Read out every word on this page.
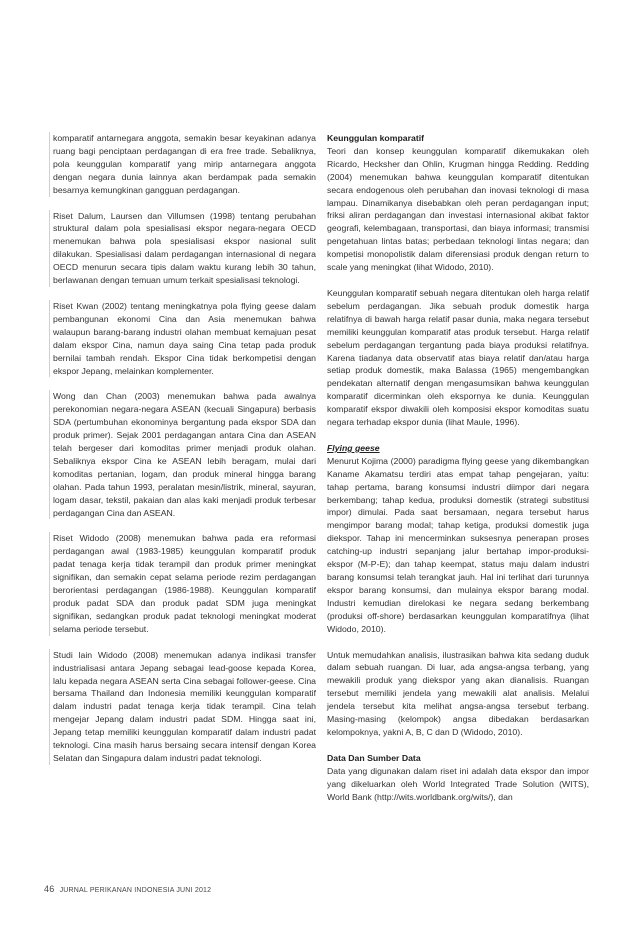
komparatif antarnegara anggota, semakin besar keyakinan adanya ruang bagi penciptaan perdagangan di era free trade. Sebaliknya, pola keunggulan komparatif yang mirip antarnegara anggota dengan negara dunia lainnya akan berdampak pada semakin besarnya kemungkinan gangguan perdagangan.

Riset Dalum, Laursen dan Villumsen (1998) tentang perubahan struktural dalam pola spesialisasi ekspor negara-negara OECD menemukan bahwa pola spesialisasi ekspor nasional sulit dilakukan. Spesialisasi dalam perdagangan internasional di negara OECD menurun secara tipis dalam waktu kurang lebih 30 tahun, berlawanan dengan temuan umum terkait spesialisasi teknologi.

Riset Kwan (2002) tentang meningkatnya pola flying geese dalam pembangunan ekonomi Cina dan Asia menemukan bahwa walaupun barang-barang industri olahan membuat kemajuan pesat dalam ekspor Cina, namun daya saing Cina tetap pada produk bernilai tambah rendah. Ekspor Cina tidak berkompetisi dengan ekspor Jepang, melainkan komplementer.

Wong dan Chan (2003) menemukan bahwa pada awalnya perekonomian negara-negara ASEAN (kecuali Singapura) berbasis SDA (pertumbuhan ekonominya bergantung pada ekspor SDA dan produk primer). Sejak 2001 perdagangan antara Cina dan ASEAN telah bergeser dari komoditas primer menjadi produk olahan. Sebaliknya ekspor Cina ke ASEAN lebih beragam, mulai dari komoditas pertanian, logam, dan produk mineral hingga barang olahan. Pada tahun 1993, peralatan mesin/listrik, mineral, sayuran, logam dasar, tekstil, pakaian dan alas kaki menjadi produk terbesar perdagangan Cina dan ASEAN.

Riset Widodo (2008) menemukan bahwa pada era reformasi perdagangan awal (1983-1985) keunggulan komparatif produk padat tenaga kerja tidak terampil dan produk primer meningkat signifikan, dan semakin cepat selama periode rezim perdagangan berorientasi perdagangan (1986-1988). Keunggulan komparatif produk padat SDA dan produk padat SDM juga meningkat signifikan, sedangkan produk padat teknologi meningkat moderat selama periode tersebut.

Studi lain Widodo (2008) menemukan adanya indikasi transfer industrialisasi antara Jepang sebagai lead-goose kepada Korea, lalu kepada negara ASEAN serta Cina sebagai follower-geese. Cina bersama Thailand dan Indonesia memiliki keunggulan komparatif dalam industri padat tenaga kerja tidak terampil. Cina telah mengejar Jepang dalam industri padat SDM. Hingga saat ini, Jepang tetap memiliki keunggulan komparatif dalam industri padat teknologi. Cina masih harus bersaing secara intensif dengan Korea Selatan dan Singapura dalam industri padat teknologi.

Keunggulan komparatif

Teori dan konsep keunggulan komparatif dikemukakan oleh Ricardo, Hecksher dan Ohlin, Krugman hingga Redding. Redding (2004) menemukan bahwa keunggulan komparatif ditentukan secara endogenous oleh perubahan dan inovasi teknologi di masa lampau. Dinamikanya disebabkan oleh peran perdagangan input; friksi aliran perdagangan dan investasi internasional akibat faktor geografi, kelembagaan, transportasi, dan biaya informasi; transmisi pengetahuan lintas batas; perbedaan teknologi lintas negara; dan kompetisi monopolistik dalam diferensiasi produk dengan return to scale yang meningkat (lihat Widodo, 2010).

Keunggulan komparatif sebuah negara ditentukan oleh harga relatif sebelum perdagangan. Jika sebuah produk domestik harga relatifnya di bawah harga relatif pasar dunia, maka negara tersebut memiliki keunggulan komparatif atas produk tersebut. Harga relatif sebelum perdagangan tergantung pada biaya produksi relatifnya. Karena tiadanya data observatif atas biaya relatif dan/atau harga setiap produk domestik, maka Balassa (1965) mengembangkan pendekatan alternatif dengan mengasumsikan bahwa keunggulan komparatif dicerminkan oleh ekspornya ke dunia. Keunggulan komparatif ekspor diwakili oleh komposisi ekspor komoditas suatu negara terhadap ekspor dunia (lihat Maule, 1996).

Flying geese

Menurut Kojima (2000) paradigma flying geese yang dikembangkan Kaname Akamatsu terdiri atas empat tahap pengejaran, yaitu: tahap pertama, barang konsumsi industri diimpor dari negara berkembang; tahap kedua, produksi domestik (strategi substitusi impor) dimulai. Pada saat bersamaan, negara tersebut harus mengimpor barang modal; tahap ketiga, produksi domestik juga diekspor. Tahap ini mencerminkan suksesnya penerapan proses catching-up industri sepanjang jalur bertahap impor-produksi-ekspor (M-P-E); dan tahap keempat, status maju dalam industri barang konsumsi telah terangkat jauh. Hal ini terlihat dari turunnya ekspor barang konsumsi, dan mulainya ekspor barang modal. Industri kemudian direlokasi ke negara sedang berkembang (produksi off-shore) berdasarkan keunggulan komparatifnya (lihat Widodo, 2010).

Untuk memudahkan analisis, ilustrasikan bahwa kita sedang duduk dalam sebuah ruangan. Di luar, ada angsa-angsa terbang, yang mewakili produk yang diekspor yang akan dianalisis. Ruangan tersebut memiliki jendela yang mewakili alat analisis. Melalui jendela tersebut kita melihat angsa-angsa tersebut terbang. Masing-masing (kelompok) angsa dibedakan berdasarkan kelompoknya, yakni A, B, C dan D (Widodo, 2010).

Data Dan Sumber Data

Data yang digunakan dalam riset ini adalah data ekspor dan impor yang dikeluarkan oleh World Integrated Trade Solution (WITS), World Bank (http://wits.worldbank.org/wits/), dan

46 JURNAL PERIKANAN INDONESIA JUNI 2012
